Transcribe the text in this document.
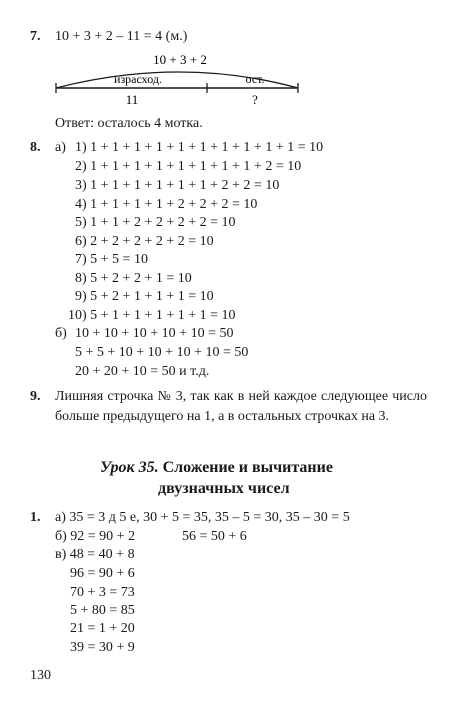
7. 10 + 3 + 2 – 11 = 4 (м.)
10 + 3 + 2
израсход.	ост.
11	?
Ответ: осталось 4 мотка.
8. а) 1) 1 + 1 + 1 + 1 + 1 + 1 + 1 + 1 + 1 + 1 = 10
2) 1 + 1 + 1 + 1 + 1 + 1 + 1 + 1 + 2 = 10
3) 1 + 1 + 1 + 1 + 1 + 1 + 2 + 2 = 10
4) 1 + 1 + 1 + 1 + 2 + 2 + 2 = 10
5) 1 + 1 + 2 + 2 + 2 + 2 = 10
6) 2 + 2 + 2 + 2 + 2 = 10
7) 5 + 5 = 10
8) 5 + 2 + 2 + 1 = 10
9) 5 + 2 + 1 + 1 + 1 = 10
10) 5 + 1 + 1 + 1 + 1 + 1 = 10
б) 10 + 10 + 10 + 10 + 10 = 50
5 + 5 + 10 + 10 + 10 + 10 = 50
20 + 20 + 10 = 50 и т.д.
9. Лишняя строчка № 3, так как в ней каждое следующее число больше предыдущего на 1, а в остальных строчках на 3.
Урок 35. Сложение и вычитание
двузначных чисел
1. а) 35 = 3 д 5 е, 30 + 5 = 35, 35 – 5 = 30, 35 – 30 = 5
б) 92 = 90 + 2	56 = 50 + 6
в) 48 = 40 + 8
96 = 90 + 6
70 + 3 = 73
5 + 80 = 85
21 = 1 + 20
39 = 30 + 9
130
